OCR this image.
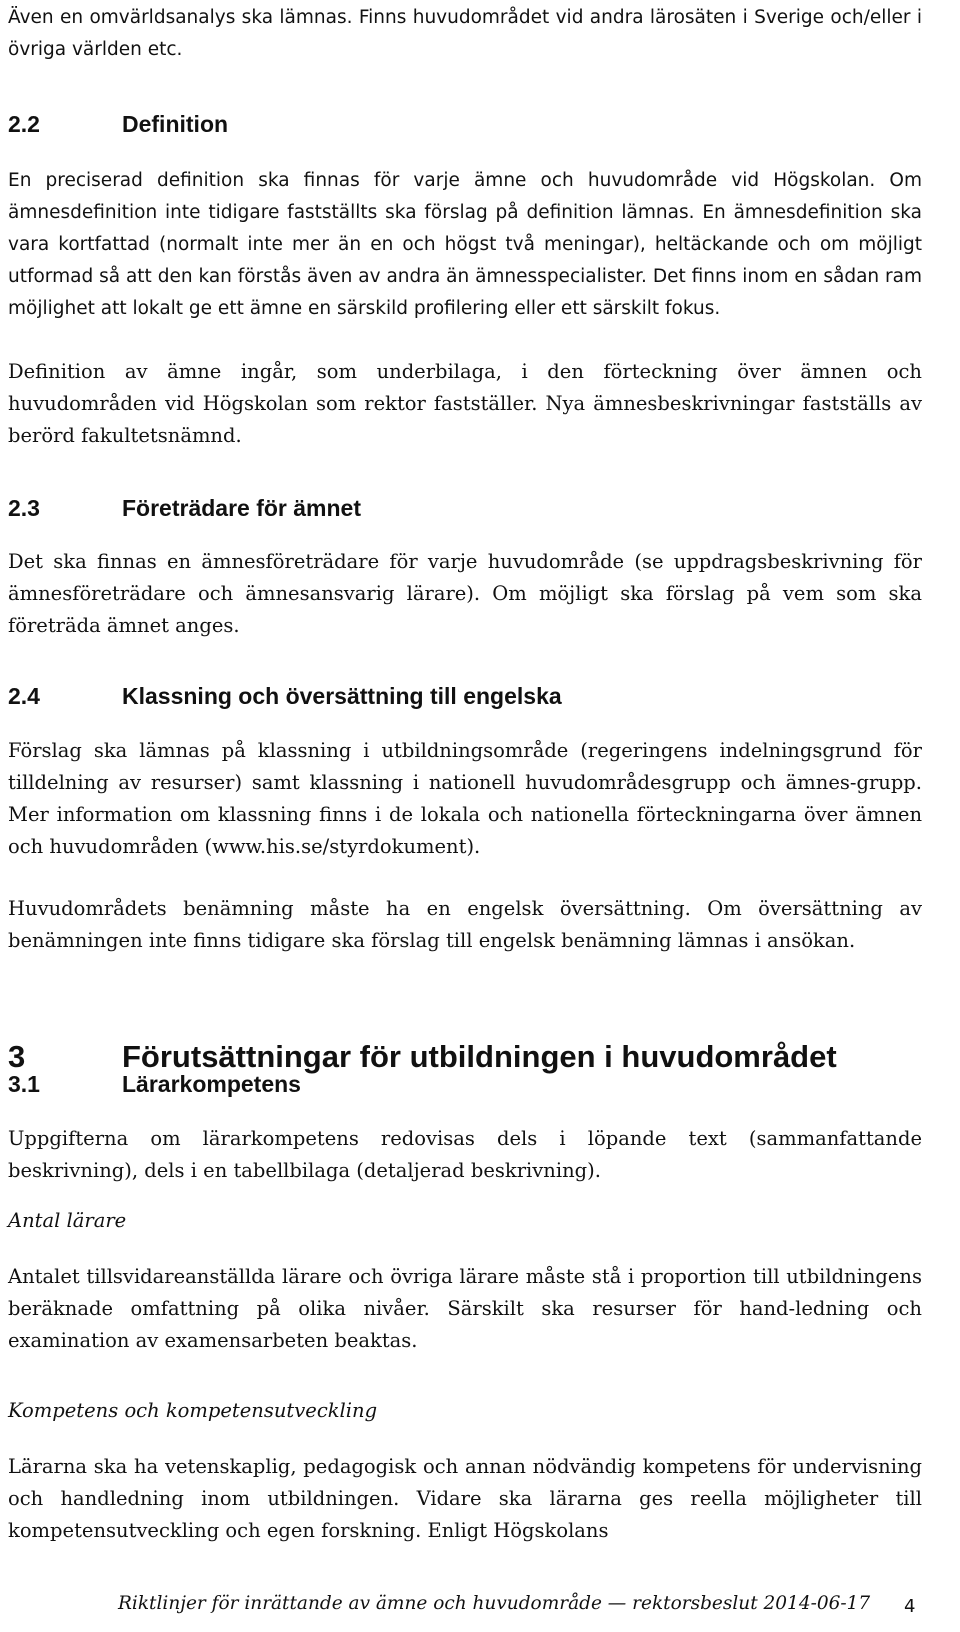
Även en omvärldsanalys ska lämnas. Finns huvudområdet vid andra lärosäten i Sverige och/eller i övriga världen etc.

2.2	Definition

En preciserad definition ska finnas för varje ämne och huvudområde vid Högskolan. Om ämnesdefinition inte tidigare fastställts ska förslag på definition lämnas. En ämnesdefinition ska vara kortfattad (normalt inte mer än en och högst två meningar), heltäckande och om möjligt utformad så att den kan förstås även av andra än ämnesspecialister. Det finns inom en sådan ram möjlighet att lokalt ge ett ämne en särskild profilering eller ett särskilt fokus.

Definition av ämne ingår, som underbilaga, i den förteckning över ämnen och huvudområden vid Högskolan som rektor fastställer. Nya ämnesbeskrivningar fastställs av berörd fakultetsnämnd.

2.3	Företrädare för ämnet

Det ska finnas en ämnesföreträdare för varje huvudområde (se uppdragsbeskrivning för ämnesföreträdare och ämnesansvarig lärare). Om möjligt ska förslag på vem som ska företräda ämnet anges.

2.4	Klassning och översättning till engelska

Förslag ska lämnas på klassning i utbildningsområde (regeringens indelningsgrund för tilldelning av resurser) samt klassning i nationell huvudområdesgrupp och ämnes-grupp. Mer information om klassning finns i de lokala och nationella förteckningarna över ämnen och huvudområden (www.his.se/styrdokument).

Huvudområdets benämning måste ha en engelsk översättning. Om översättning av benämningen inte finns tidigare ska förslag till engelsk benämning lämnas i ansökan.

3	Förutsättningar för utbildningen i huvudområdet
3.1	Lärarkompetens

Uppgifterna om lärarkompetens redovisas dels i löpande text (sammanfattande beskrivning), dels i en tabellbilaga (detaljerad beskrivning).

Antal lärare

Antalet tillsvidareanställda lärare och övriga lärare måste stå i proportion till utbildningens beräknade omfattning på olika nivåer. Särskilt ska resurser för hand-ledning och examination av examensarbeten beaktas.

Kompetens och kompetensutveckling

Lärarna ska ha vetenskaplig, pedagogisk och annan nödvändig kompetens för undervisning och handledning inom utbildningen. Vidare ska lärarna ges reella möjligheter till kompetensutveckling och egen forskning. Enligt Högskolans

Riktlinjer för inrättande av ämne och huvudområde — rektorsbeslut 2014-06-17 4
